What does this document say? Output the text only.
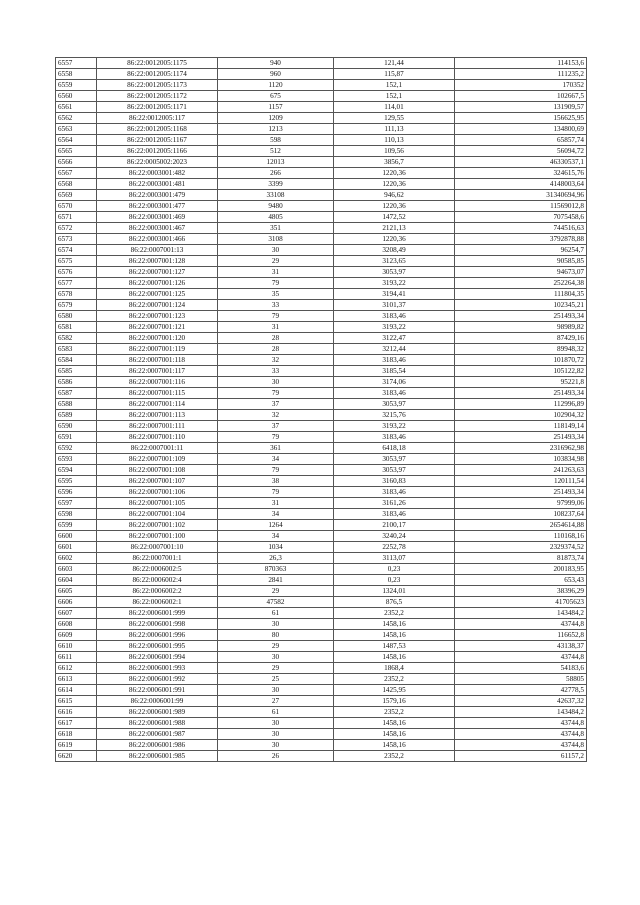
6557	86:22:0012005:1175	940	121,44	114153,6
6558	86:22:0012005:1174	960	115,87	111235,2
6559	86:22:0012005:1173	1120	152,1	170352
6560	86:22:0012005:1172	675	152,1	102667,5
6561	86:22:0012005:1171	1157	114,01	131909,57
6562	86:22:0012005:117	1209	129,55	156625,95
6563	86:22:0012005:1168	1213	111,13	134800,69
6564	86:22:0012005:1167	598	110,13	65857,74
6565	86:22:0012005:1166	512	109,56	56094,72
6566	86:22:0005002:2023	12013	3856,7	46330537,1
6567	86:22:0003001:482	266	1220,36	324615,76
6568	86:22:0003001:481	3399	1220,36	4148003,64
6569	86:22:0003001:479	33108	946,62	31340694,96
6570	86:22:0003001:477	9480	1220,36	11569012,8
6571	86:22:0003001:469	4805	1472,52	7075458,6
6572	86:22:0003001:467	351	2121,13	744516,63
6573	86:22:0003001:466	3108	1220,36	3792878,88
6574	86:22:0007001:13	30	3208,49	96254,7
6575	86:22:0007001:128	29	3123,65	90585,85
6576	86:22:0007001:127	31	3053,97	94673,07
6577	86:22:0007001:126	79	3193,22	252264,38
6578	86:22:0007001:125	35	3194,41	111804,35
6579	86:22:0007001:124	33	3101,37	102345,21
6580	86:22:0007001:123	79	3183,46	251493,34
6581	86:22:0007001:121	31	3193,22	98989,82
6582	86:22:0007001:120	28	3122,47	87429,16
6583	86:22:0007001:119	28	3212,44	89948,32
6584	86:22:0007001:118	32	3183,46	101870,72
6585	86:22:0007001:117	33	3185,54	105122,82
6586	86:22:0007001:116	30	3174,06	95221,8
6587	86:22:0007001:115	79	3183,46	251493,34
6588	86:22:0007001:114	37	3053,97	112996,89
6589	86:22:0007001:113	32	3215,76	102904,32
6590	86:22:0007001:111	37	3193,22	118149,14
6591	86:22:0007001:110	79	3183,46	251493,34
6592	86:22:0007001:11	361	6418,18	2316962,98
6593	86:22:0007001:109	34	3053,97	103834,98
6594	86:22:0007001:108	79	3053,97	241263,63
6595	86:22:0007001:107	38	3160,83	120111,54
6596	86:22:0007001:106	79	3183,46	251493,34
6597	86:22:0007001:105	31	3161,26	97999,06
6598	86:22:0007001:104	34	3183,46	108237,64
6599	86:22:0007001:102	1264	2100,17	2654614,88
6600	86:22:0007001:100	34	3240,24	110168,16
6601	86:22:0007001:10	1034	2252,78	2329374,52
6602	86:22:0007001:1	26,3	3113,07	81873,74
6603	86:22:0006002:5	870363	0,23	200183,95
6604	86:22:0006002:4	2841	0,23	653,43
6605	86:22:0006002:2	29	1324,01	38396,29
6606	86:22:0006002:1	47582	876,5	41705623
6607	86:22:0006001:999	61	2352,2	143484,2
6608	86:22:0006001:998	30	1458,16	43744,8
6609	86:22:0006001:996	80	1458,16	116652,8
6610	86:22:0006001:995	29	1487,53	43138,37
6611	86:22:0006001:994	30	1458,16	43744,8
6612	86:22:0006001:993	29	1868,4	54183,6
6613	86:22:0006001:992	25	2352,2	58805
6614	86:22:0006001:991	30	1425,95	42778,5
6615	86:22:0006001:99	27	1579,16	42637,32
6616	86:22:0006001:989	61	2352,2	143484,2
6617	86:22:0006001:988	30	1458,16	43744,8
6618	86:22:0006001:987	30	1458,16	43744,8
6619	86:22:0006001:986	30	1458,16	43744,8
6620	86:22:0006001:985	26	2352,2	61157,2
